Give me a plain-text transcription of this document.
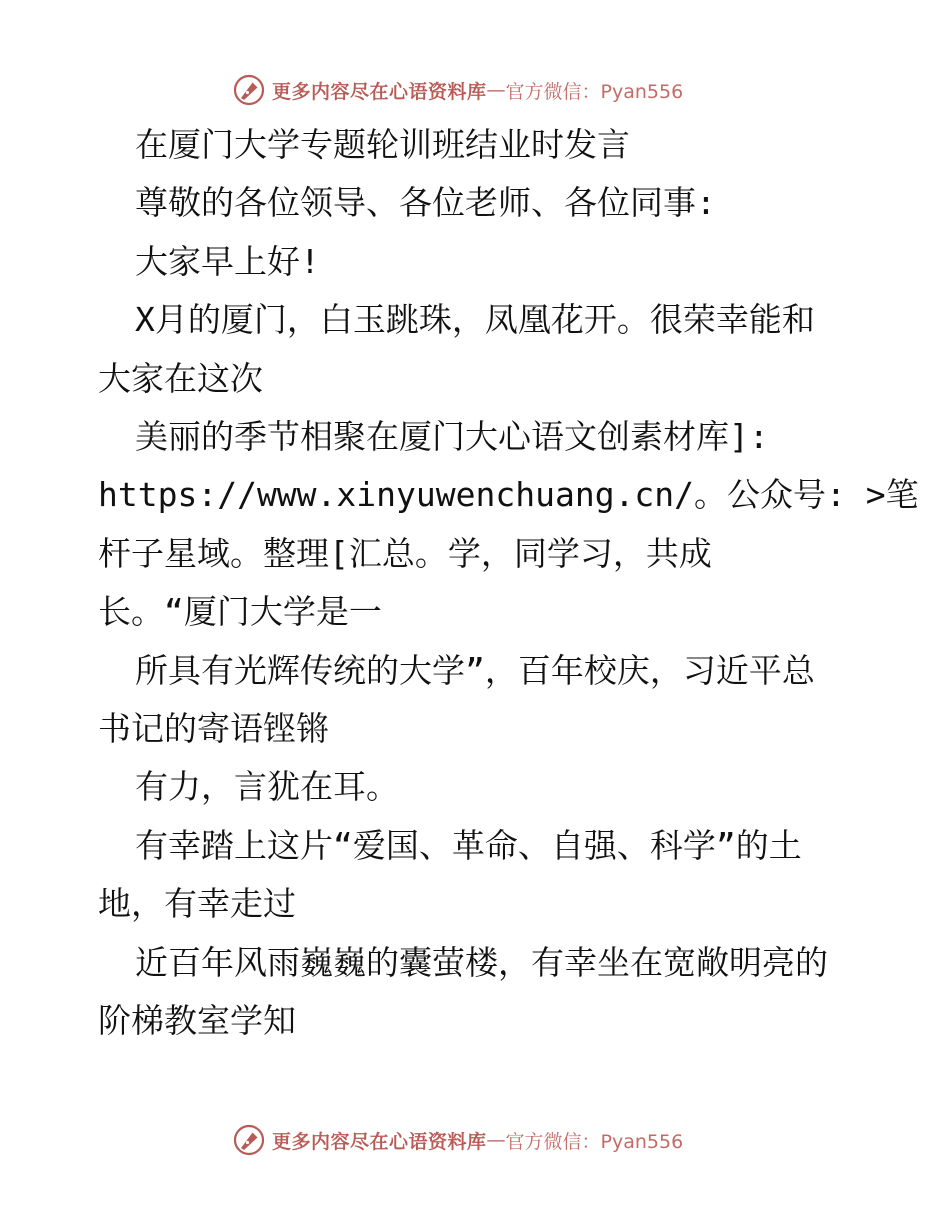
更多内容尽在心语资料库 — 官方微信：Pyan556

在厦门大学专题轮训班结业时发言

尊敬的各位领导、各位老师、各位同事:

大家早上好!

X月的厦门，白玉跳珠，凤凰花开。很荣幸能和

大家在这次

美丽的季节相聚在厦门大心语文创素材库]:

https://www.xinyuwenchuang.cn/。公众号: >笔

杆子星域。整理[汇总。学，同学习，共成

长。“厦门大学是一

所具有光辉传统的大学”，百年校庆，习近平总

书记的寄语铿锵

有力，言犹在耳。

有幸踏上这片“爱国、革命、自强、科学”的土

地，有幸走过

近百年风雨巍巍的囊萤楼，有幸坐在宽敞明亮的

阶梯教室学知

更多内容尽在心语资料库 — 官方微信：Pyan556
